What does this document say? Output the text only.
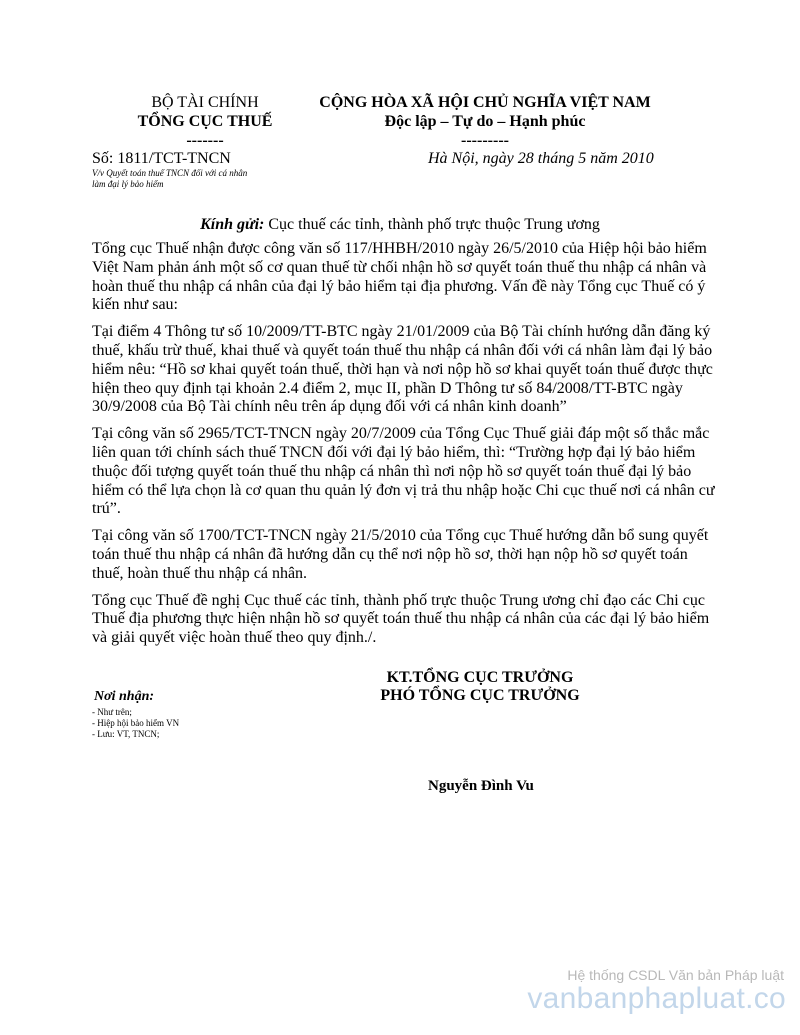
BỘ TÀI CHÍNH
TỔNG CỤC THUẾ
-------
CỘNG HÒA XÃ HỘI CHỦ NGHĨA VIỆT NAM
Độc lập – Tự do – Hạnh phúc
---------
Số: 1811/TCT-TNCN
V/v Quyết toán thuế TNCN đối với cá nhân
làm đại lý bảo hiểm
Hà Nội, ngày 28 tháng 5 năm 2010
Kính gửi: Cục thuế các tỉnh, thành phố trực thuộc Trung ương

Tổng cục Thuế nhận được công văn số 117/HHBH/2010 ngày 26/5/2010 của Hiệp hội bảo hiểm Việt Nam phản ánh một số cơ quan thuế từ chối nhận hồ sơ quyết toán thuế thu nhập cá nhân và hoàn thuế thu nhập cá nhân của đại lý bảo hiểm tại địa phương. Vấn đề này Tổng cục Thuế có ý kiến như sau:

Tại điểm 4 Thông tư số 10/2009/TT-BTC ngày 21/01/2009 của Bộ Tài chính hướng dẫn đăng ký thuế, khấu trừ thuế, khai thuế và quyết toán thuế thu nhập cá nhân đối với cá nhân làm đại lý bảo hiểm nêu: “Hồ sơ khai quyết toán thuế, thời hạn và nơi nộp hồ sơ khai quyết toán thuế được thực hiện theo quy định tại khoản 2.4 điểm 2, mục II, phần D Thông tư số 84/2008/TT-BTC ngày 30/9/2008 của Bộ Tài chính nêu trên áp dụng đối với cá nhân kinh doanh”

Tại công văn số 2965/TCT-TNCN ngày 20/7/2009 của Tổng Cục Thuế giải đáp một số thắc mắc liên quan tới chính sách thuế TNCN đối với đại lý bảo hiểm, thì: “Trường hợp đại lý bảo hiểm thuộc đối tượng quyết toán thuế thu nhập cá nhân thì nơi nộp hồ sơ quyết toán thuế đại lý bảo hiểm có thể lựa chọn là cơ quan thu quản lý đơn vị trả thu nhập hoặc Chi cục thuế nơi cá nhân cư trú”.

Tại công văn số 1700/TCT-TNCN ngày 21/5/2010 của Tổng cục Thuế hướng dẫn bổ sung quyết toán thuế thu nhập cá nhân đã hướng dẫn cụ thể nơi nộp hồ sơ, thời hạn nộp hồ sơ quyết toán thuế, hoàn thuế thu nhập cá nhân.

Tổng cục Thuế đề nghị Cục thuế các tỉnh, thành phố trực thuộc Trung ương chỉ đạo các Chi cục Thuế địa phương thực hiện nhận hồ sơ quyết toán thuế thu nhập cá nhân của các đại lý bảo hiểm và giải quyết việc hoàn thuế theo quy định./.

KT.TỔNG CỤC TRƯỞNG
PHÓ TỔNG CỤC TRƯỞNG
Nơi nhận:
- Như trên;
- Hiệp hội bảo hiểm VN
- Lưu: VT, TNCN;
Nguyễn Đình Vu
Hệ thống CSDL Văn bản Pháp luật
vanbanphapluat.co
